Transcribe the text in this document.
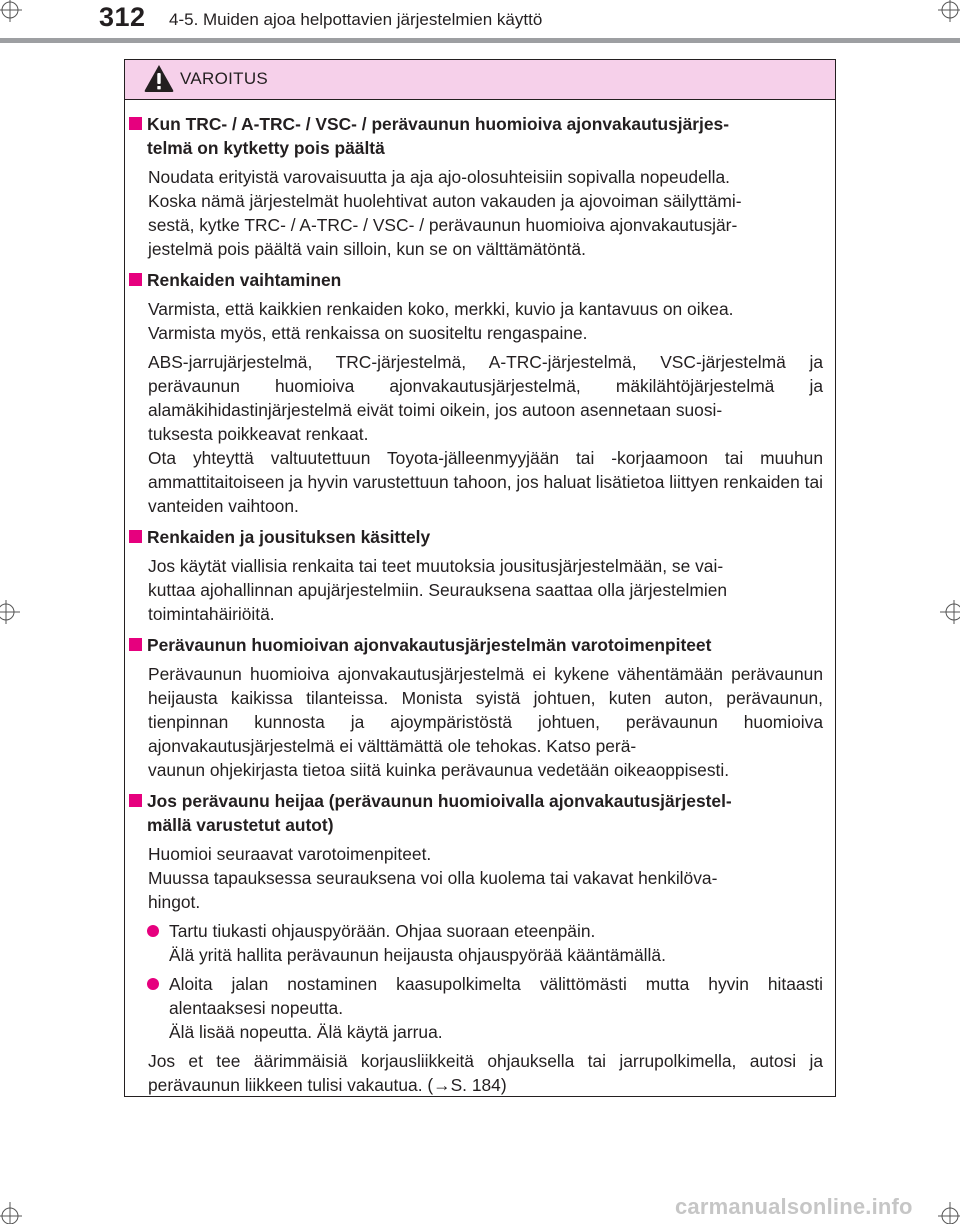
312 4-5. Muiden ajoa helpottavien järjestelmien käyttö
VAROITUS
Kun TRC- / A-TRC- / VSC- / perävaunun huomioiva ajonvakautusjärjes-
telmä on kytketty pois päältä
Noudata erityistä varovaisuutta ja aja ajo-olosuhteisiin sopivalla nopeudella.
Koska nämä järjestelmät huolehtivat auton vakauden ja ajovoiman säilyttämi-
sestä, kytke TRC- / A-TRC- / VSC- / perävaunun huomioiva ajonvakautusjär-
jestelmä pois päältä vain silloin, kun se on välttämätöntä.
Renkaiden vaihtaminen
Varmista, että kaikkien renkaiden koko, merkki, kuvio ja kantavuus on oikea.
Varmista myös, että renkaissa on suositeltu rengaspaine.
ABS-jarrujärjestelmä, TRC-järjestelmä, A-TRC-järjestelmä, VSC-järjestelmä ja perävaunun huomioiva ajonvakautusjärjestelmä, mäkilähtöjärjestelmä ja alamäkihidastinjärjestelmä eivät toimi oikein, jos autoon asennetaan suosi-
tuksesta poikkeavat renkaat.
Ota yhteyttä valtuutettuun Toyota-jälleenmyyjään tai -korjaamoon tai muuhun ammattitaitoiseen ja hyvin varustettuun tahoon, jos haluat lisätietoa liittyen renkaiden tai vanteiden vaihtoon.
Renkaiden ja jousituksen käsittely
Jos käytät viallisia renkaita tai teet muutoksia jousitusjärjestelmään, se vai-
kuttaa ajohallinnan apujärjestelmiin. Seurauksena saattaa olla järjestelmien
toimintahäiriöitä.
Perävaunun huomioivan ajonvakautusjärjestelmän varotoimenpiteet
Perävaunun huomioiva ajonvakautusjärjestelmä ei kykene vähentämään perävaunun heijausta kaikissa tilanteissa. Monista syistä johtuen, kuten auton, perävaunun, tienpinnan kunnosta ja ajoympäristöstä johtuen, perävaunun huomioiva ajonvakautusjärjestelmä ei välttämättä ole tehokas. Katso perä-
vaunun ohjekirjasta tietoa siitä kuinka perävaunua vedetään oikeaoppisesti.
Jos perävaunu heijaa (perävaunun huomioivalla ajonvakautusjärjestel-
mällä varustetut autot)
Huomioi seuraavat varotoimenpiteet.
Muussa tapauksessa seurauksena voi olla kuolema tai vakavat henkilöva-
hingot.
Tartu tiukasti ohjauspyörään. Ohjaa suoraan eteenpäin.
Älä yritä hallita perävaunun heijausta ohjauspyörää kääntämällä.
Aloita jalan nostaminen kaasupolkimelta välittömästi mutta hyvin hitaasti alentaaksesi nopeutta.
Älä lisää nopeutta. Älä käytä jarrua.
Jos et tee äärimmäisiä korjausliikkeitä ohjauksella tai jarrupolkimella, autosi ja perävaunun liikkeen tulisi vakautua. (→S. 184)
carmanualsonline.info
